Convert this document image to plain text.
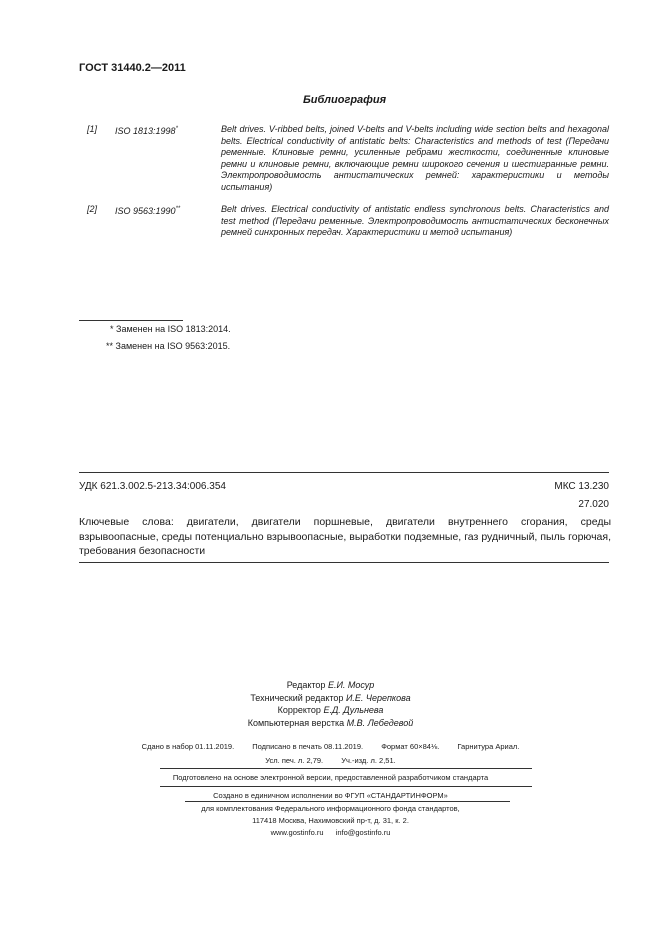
ГОСТ 31440.2—2011
Библиография
[1] ISO 1813:1998*	Belt drives. V-ribbed belts, joined V-belts and V-belts including wide section belts and hexagonal belts. Electrical conductivity of antistatic belts: Characteristics and methods of test (Передачи ременные. Клиновые ремни, усиленные ребрами жесткости, соединенные клиновые ремни и клиновые ремни, включающие ремни широкого сечения и шестигранные ремни. Электропроводимость антистатических ремней: характеристики и методы испытания)
[2] ISO 9563:1990**	Belt drives. Electrical conductivity of antistatic endless synchronous belts. Characteristics and test method (Передачи ременные. Электропроводимость антистатических бесконечных ремней синхронных передач. Характеристики и метод испытания)
* Заменен на ISO 1813:2014.
** Заменен на ISO 9563:2015.
УДК 621.3.002.5-213.34:006.354	МКС 13.230
27.020
Ключевые слова: двигатели, двигатели поршневые, двигатели внутреннего сгорания, среды взрывоопасные, среды потенциально взрывоопасные, выработки подземные, газ рудничный, пыль горючая, требования безопасности
Редактор Е.И. Мосур
Технический редактор И.Е. Черепкова
Корректор Е.Д. Дульнева
Компьютерная верстка М.В. Лебедевой
Сдано в набор 01.11.2019. Подписано в печать 08.11.2019. Формат 60×84⅛. Гарнитура Ариал.
Усл. печ. л. 2,79. Уч.-изд. л. 2,51.
Подготовлено на основе электронной версии, предоставленной разработчиком стандарта
Создано в единичном исполнении во ФГУП «СТАНДАРТИНФОРМ»
для комплектования Федерального информационного фонда стандартов,
117418 Москва, Нахимовский пр-т, д. 31, к. 2.
www.gostinfo.ru info@gostinfo.ru
